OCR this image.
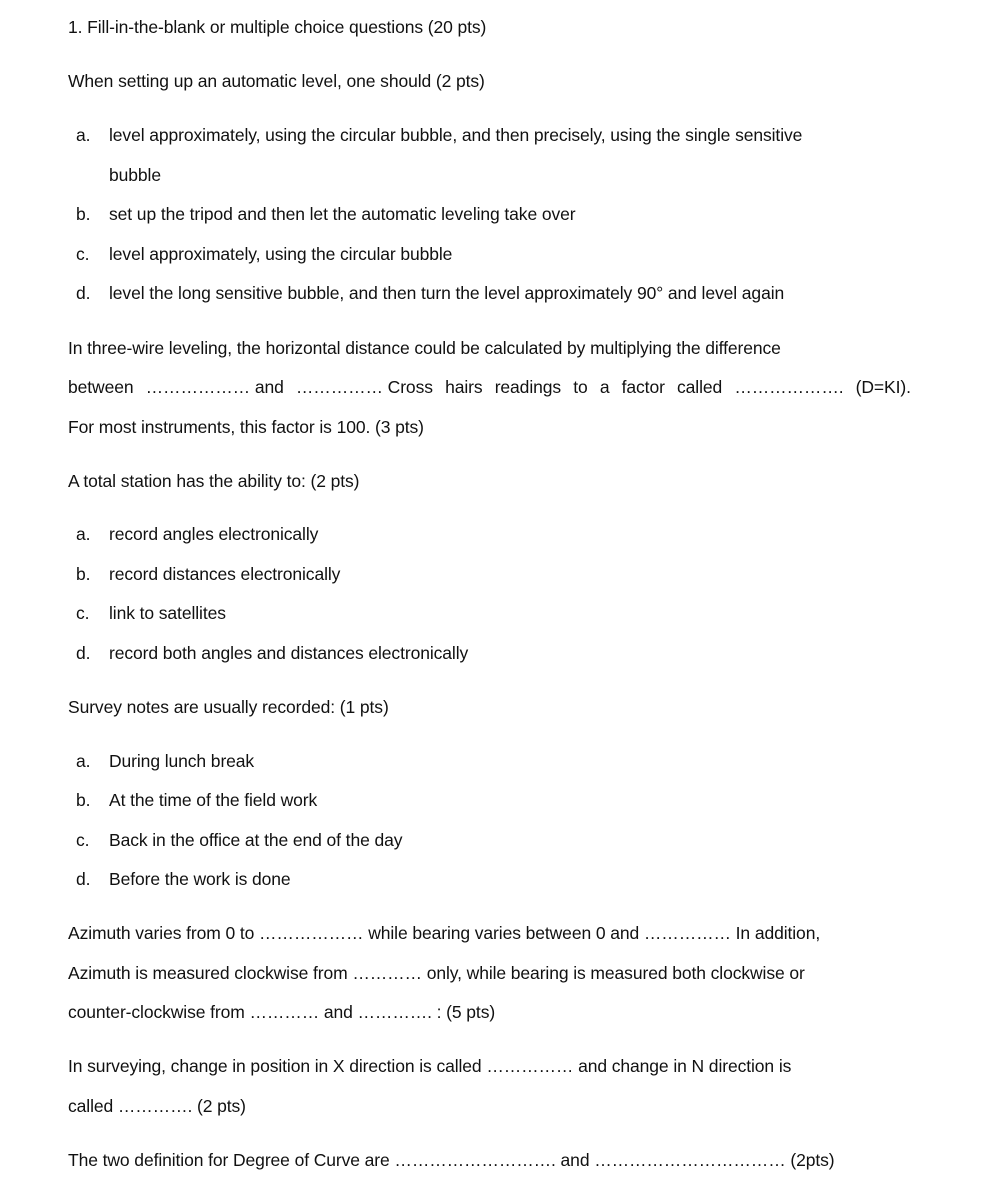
1. Fill-in-the-blank or multiple choice questions (20 pts)
When setting up an automatic level, one should (2 pts)
a. level approximately, using the circular bubble, and then precisely, using the single sensitive
bubble
b. set up the tripod and then let the automatic leveling take over
c. level approximately, using the circular bubble
d. level the long sensitive bubble, and then turn the level approximately 90° and level again
In three-wire leveling, the horizontal distance could be calculated by multiplying the difference
between ……………… and …………… Cross hairs readings to a factor called ………………. (D=KI).
For most instruments, this factor is 100. (3 pts)
A total station has the ability to: (2 pts)
a. record angles electronically
b. record distances electronically
c. link to satellites
d. record both angles and distances electronically
Survey notes are usually recorded: (1 pts)
a. During lunch break
b. At the time of the field work
c. Back in the office at the end of the day
d. Before the work is done
Azimuth varies from 0 to ……………… while bearing varies between 0 and …………… In addition,
Azimuth is measured clockwise from ………… only, while bearing is measured both clockwise or
counter-clockwise from ………… and …………. : (5 pts)
In surveying, change in position in X direction is called …………… and change in N direction is
called …………. (2 pts)
The two definition for Degree of Curve are ………………………. and …………………………… (2pts)
